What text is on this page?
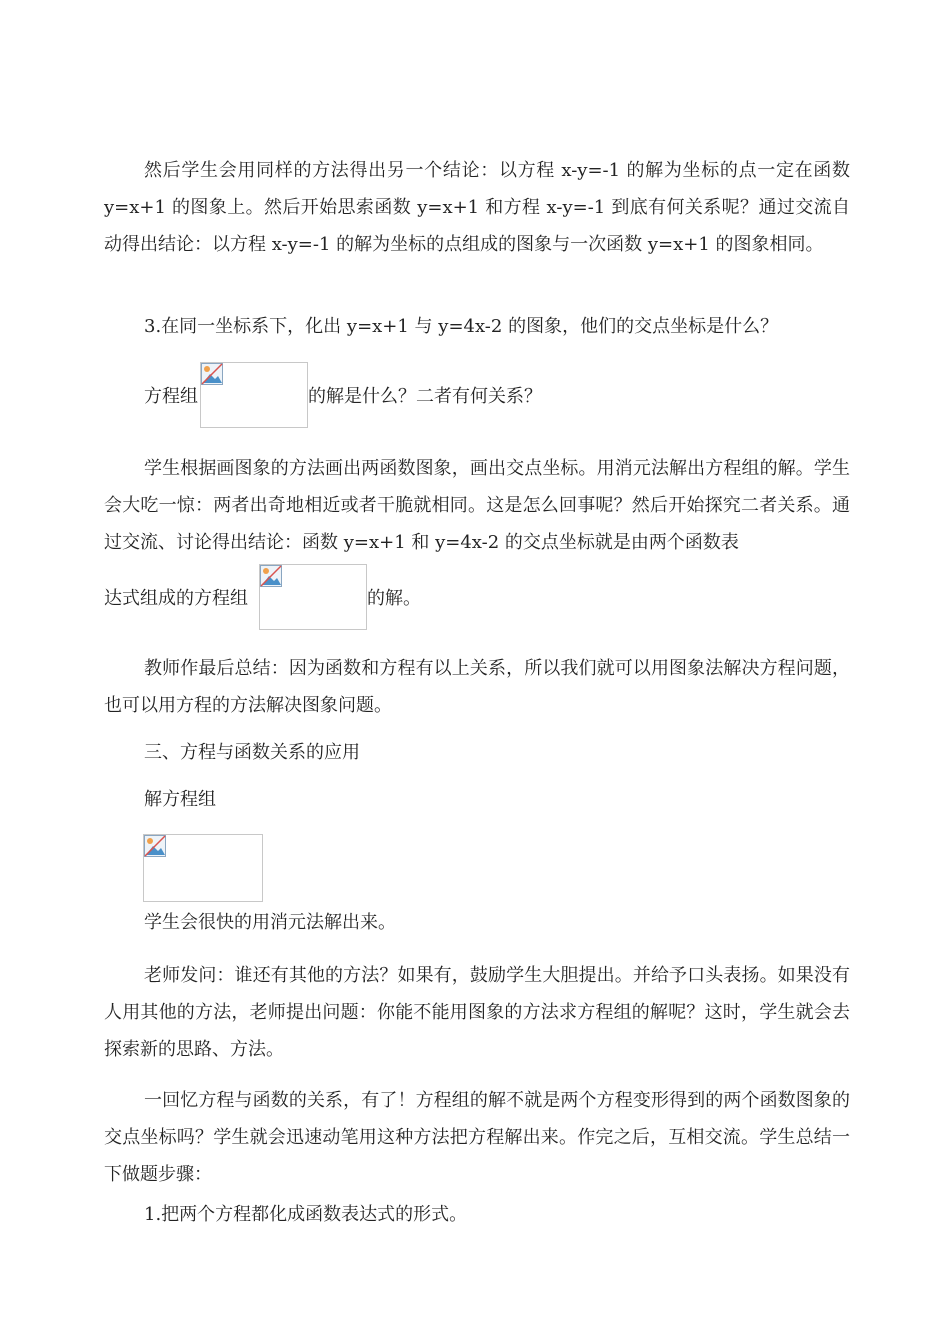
然后学生会用同样的方法得出另一个结论：以方程 x-y=-1 的解为坐标的点一定在函数 y=x+1 的图象上。然后开始思索函数 y=x+1 和方程 x-y=-1 到底有何关系呢？通过交流自动得出结论：以方程 x-y=-1 的解为坐标的点组成的图象与一次函数 y=x+1 的图象相同。

3.在同一坐标系下，化出 y=x+1 与 y=4x-2 的图象，他们的交点坐标是什么？

方程组	的解是什么？二者有何关系？

学生根据画图象的方法画出两函数图象，画出交点坐标。用消元法解出方程组的解。学生会大吃一惊：两者出奇地相近或者干脆就相同。这是怎么回事呢？然后开始探究二者关系。通过交流、讨论得出结论：函数 y=x+1 和 y=4x-2 的交点坐标就是由两个函数表

达式组成的方程组	的解。

教师作最后总结：因为函数和方程有以上关系，所以我们就可以用图象法解决方程问题，也可以用方程的方法解决图象问题。

三、方程与函数关系的应用

解方程组

学生会很快的用消元法解出来。

老师发问：谁还有其他的方法？如果有，鼓励学生大胆提出。并给予口头表扬。如果没有人用其他的方法，老师提出问题：你能不能用图象的方法求方程组的解呢？这时，学生就会去探索新的思路、方法。

一回忆方程与函数的关系，有了！方程组的解不就是两个方程变形得到的两个函数图象的交点坐标吗？学生就会迅速动笔用这种方法把方程解出来。作完之后，互相交流。学生总结一下做题步骤：

1.把两个方程都化成函数表达式的形式。
